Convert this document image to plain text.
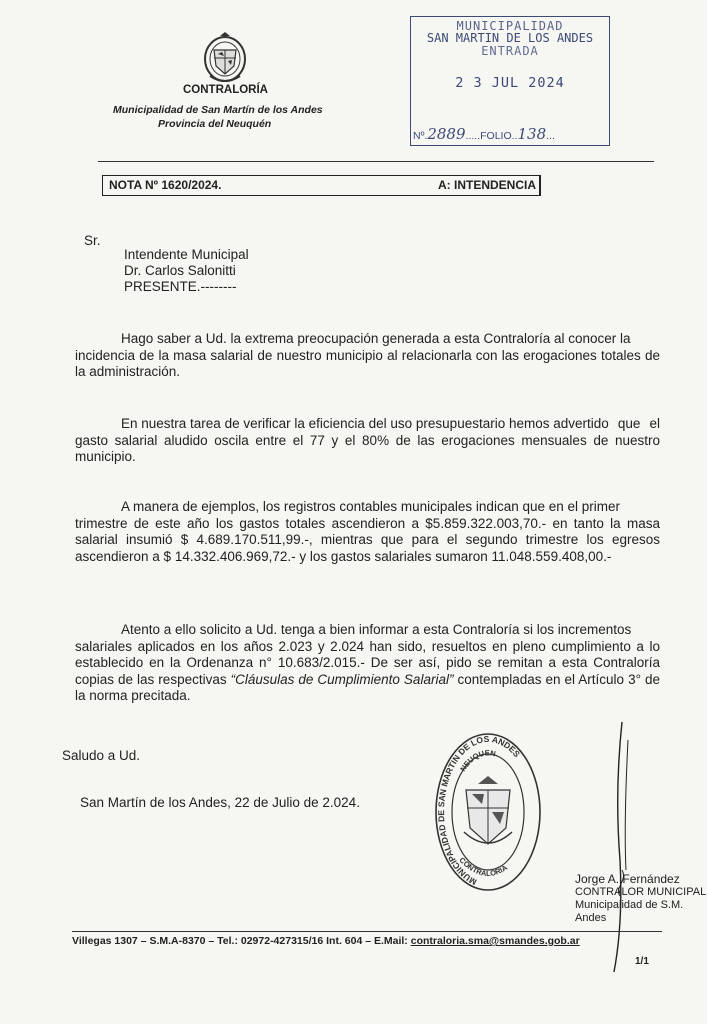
CONTRALORÍA
Municipalidad de San Martín de los Andes
Provincia del Neuquén
MUNICIPALIDAD
SAN MARTIN DE LOS ANDES
ENTRADA
2 3 JUL 2024
Nº.2889.....FOLIO..138...
NOTA Nº 1620/2024.	A: INTENDENCIA
Sr.
Intendente Municipal
Dr. Carlos Salonitti
PRESENTE.--------
Hago saber a Ud. la extrema preocupación generada a esta Contraloría al conocer la incidencia de la masa salarial de nuestro municipio al relacionarla con las erogaciones totales de la administración.
En nuestra tarea de verificar la eficiencia del uso presupuestario hemos advertido que el gasto salarial aludido oscila entre el 77 y el 80% de las erogaciones mensuales de nuestro municipio.
A manera de ejemplos, los registros contables municipales indican que en el primer trimestre de este año los gastos totales ascendieron a $5.859.322.003,70.- en tanto la masa salarial insumió $ 4.689.170.511,99.-, mientras que para el segundo trimestre los egresos ascendieron a $ 14.332.406.969,72.- y los gastos salariales sumaron 11.048.559.408,00.-
Atento a ello solicito a Ud. tenga a bien informar a esta Contraloría si los incrementos salariales aplicados en los años 2.023 y 2.024 han sido, resueltos en pleno cumplimiento a lo establecido en la Ordenanza n° 10.683/2.015.- De ser así, pido se remitan a esta Contraloría copias de las respectivas “Cláusulas de Cumplimiento Salarial” contempladas en el Artículo 3° de la norma precitada.
Saludo a Ud.
San Martín de los Andes, 22 de Julio de 2.024.
MUNICIPALIDAD DE SAN MARTIN DE LOS ANDES
NEUQUEN
CONTRALORIA
Jorge A. Fernández
CONTRALOR MUNICIPAL
Municipalidad de S.M. Andes
Villegas 1307 – S.M.A-8370 – Tel.: 02972-427315/16 Int. 604 – E.Mail: contraloria.sma@smandes.gob.ar
1/1
